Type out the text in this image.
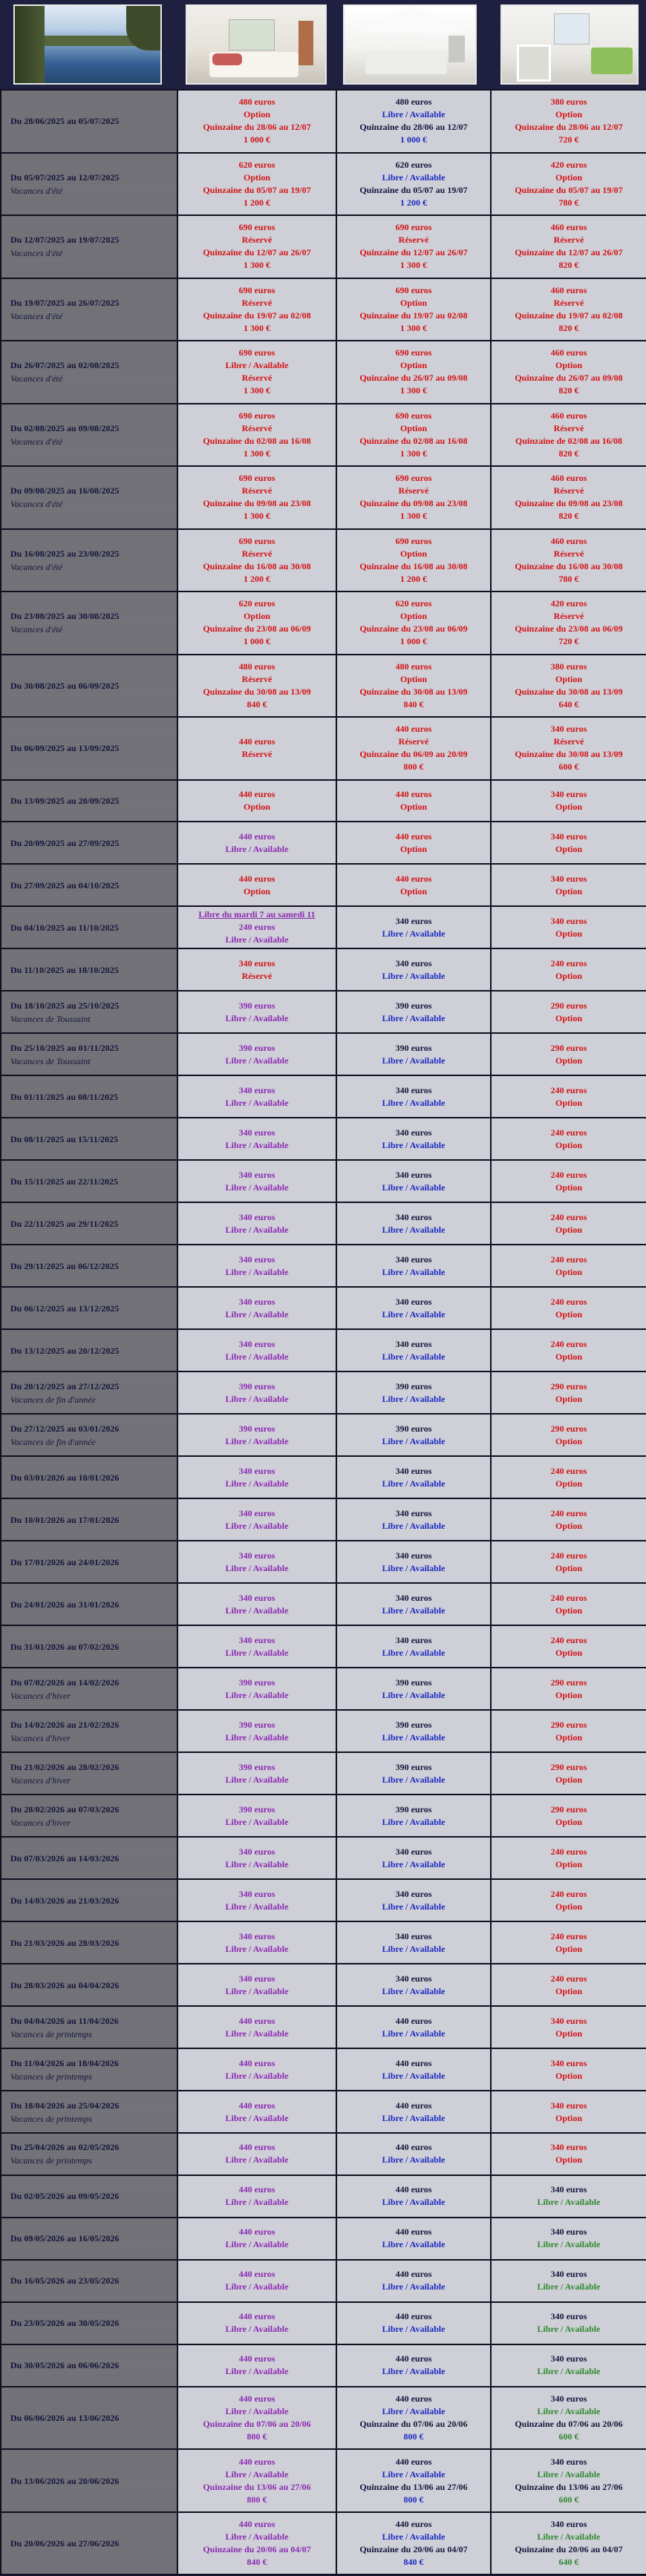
Du 28/06/2025 au 05/07/2025	480 euros
Option
Quinzaine du 28/06 au 12/07
1 000 €	480 euros
Libre / Available
Quinzaine du 28/06 au 12/07
1 000 €	380 euros
Option
Quinzaine du 28/06 au 12/07
720 €

Du 05/07/2025 au 12/07/2025
Vacances d'été	620 euros
Option
Quinzaine du 05/07 au 19/07
1 200 €	620 euros
Libre / Available
Quinzaine du 05/07 au 19/07
1 200 €	420 euros
Option
Quinzaine du 05/07 au 19/07
780 €

Du 12/07/2025 au 19/07/2025
Vacances d'été	690 euros
Réservé
Quinzaine du 12/07 au 26/07
1 300 €	690 euros
Réservé
Quinzaine du 12/07 au 26/07
1 300 €	460 euros
Réservé
Quinzaine du 12/07 au 26/07
820 €

Du 19/07/2025 au 26/07/2025
Vacances d'été	690 euros
Réservé
Quinzaine du 19/07 au 02/08
1 300 €	690 euros
Option
Quinzaine du 19/07 au 02/08
1 300 €	460 euros
Réservé
Quinzaine du 19/07 au 02/08
820 €

Du 26/07/2025 au 02/08/2025
Vacances d'été	690 euros
Libre / Available
Réservé
1 300 €	690 euros
Option
Quinzaine du 26/07 au 09/08
1 300 €	460 euros
Option
Quinzaine du 26/07 au 09/08
820 €

Du 02/08/2025 au 09/08/2025
Vacances d'été	690 euros
Réservé
Quinzaine du 02/08 au 16/08
1 300 €	690 euros
Option
Quinzaine du 02/08 au 16/08
1 300 €	460 euros
Réservé
Quinzaine de 02/08 au 16/08
820 €

Du 09/08/2025 au 16/08/2025
Vacances d'été	690 euros
Réservé
Quinzaine du 09/08 au 23/08
1 300 €	690 euros
Réservé
Quinzaine du 09/08 au 23/08
1 300 €	460 euros
Réservé
Quinzaine du 09/08 au 23/08
820 €

Du 16/08/2025 au 23/08/2025
Vacances d'été	690 euros
Réservé
Quinzaine du 16/08 au 30/08
1 200 €	690 euros
Option
Quinzaine du 16/08 au 30/08
1 200 €	460 euros
Réservé
Quinzaine du 16/08 au 30/08
780 €

Du 23/08/2025 au 30/08/2025
Vacances d'été	620 euros
Option
Quinzaine du 23/08 au 06/09
1 000 €	620 euros
Option
Quinzaine du 23/08 au 06/09
1 000 €	420 euros
Réservé
Quinzaine du 23/08 au 06/09
720 €

Du 30/08/2025 au 06/09/2025	480 euros
Réservé
Quinzaine du 30/08 au 13/09
840 €	480 euros
Option
Quinzaine du 30/08 au 13/09
840 €	380 euros
Option
Quinzaine du 30/08 au 13/09
640 €

Du 06/09/2025 au 13/09/2025	440 euros
Réservé	440 euros
Réservé
Quinzaine du 06/09 au 20/09
800 €	340 euros
Réservé
Quinzaine du 30/08 au 13/09
600 €

Du 13/09/2025 au 20/09/2025	440 euros
Option	440 euros
Option	340 euros
Option

Du 20/09/2025 au 27/09/2025	440 euros
Libre / Available	440 euros
Option	340 euros
Option

Du 27/09/2025 au 04/10/2025	440 euros
Option	440 euros
Option	340 euros
Option

Du 04/10/2025 au 11/10/2025	Libre du mardi 7 au samedi 11
240 euros
Libre / Available	340 euros
Libre / Available	340 euros
Option

Du 11/10/2025 au 18/10/2025	340 euros
Réservé	340 euros
Libre / Available	240 euros
Option

Du 18/10/2025 au 25/10/2025
Vacances de Toussaint	390 euros
Libre / Available	390 euros
Libre / Available	290 euros
Option

Du 25/10/2025 au 01/11/2025
Vacances de Toussaint	390 euros
Libre / Available	390 euros
Libre / Available	290 euros
Option

Du 01/11/2025 au 08/11/2025	340 euros
Libre / Available	340 euros
Libre / Available	240 euros
Option

Du 08/11/2025 au 15/11/2025	340 euros
Libre / Available	340 euros
Libre / Available	240 euros
Option

Du 15/11/2025 au 22/11/2025	340 euros
Libre / Available	340 euros
Libre / Available	240 euros
Option

Du 22/11/2025 au 29/11/2025	340 euros
Libre / Available	340 euros
Libre / Available	240 euros
Option

Du 29/11/2025 au 06/12/2025	340 euros
Libre / Available	340 euros
Libre / Available	240 euros
Option

Du 06/12/2025 au 13/12/2025	340 euros
Libre / Available	340 euros
Libre / Available	240 euros
Option

Du 13/12/2025 au 20/12/2025	340 euros
Libre / Available	340 euros
Libre / Available	240 euros
Option

Du 20/12/2025 au 27/12/2025
Vacances de fin d'année	390 euros
Libre / Available	390 euros
Libre / Available	290 euros
Option

Du 27/12/2025 au 03/01/2026
Vacances de fin d'année	390 euros
Libre / Available	390 euros
Libre / Available	290 euros
Option

Du 03/01/2026 au 10/01/2026	340 euros
Libre / Available	340 euros
Libre / Available	240 euros
Option

Du 10/01/2026 au 17/01/2026	340 euros
Libre / Available	340 euros
Libre / Available	240 euros
Option

Du 17/01/2026 au 24/01/2026	340 euros
Libre / Available	340 euros
Libre / Available	240 euros
Option

Du 24/01/2026 au 31/01/2026	340 euros
Libre / Available	340 euros
Libre / Available	240 euros
Option

Du 31/01/2026 au 07/02/2026	340 euros
Libre / Available	340 euros
Libre / Available	240 euros
Option

Du 07/02/2026 au 14/02/2026
Vacances d'hiver	390 euros
Libre / Available	390 euros
Libre / Available	290 euros
Option

Du 14/02/2026 au 21/02/2026
Vacances d'hiver	390 euros
Libre / Available	390 euros
Libre / Available	290 euros
Option

Du 21/02/2026 au 28/02/2026
Vacances d'hiver	390 euros
Libre / Available	390 euros
Libre / Available	290 euros
Option

Du 28/02/2026 au 07/03/2026
Vacances d'hiver	390 euros
Libre / Available	390 euros
Libre / Available	290 euros
Option

Du 07/03/2026 au 14/03/2026	340 euros
Libre / Available	340 euros
Libre / Available	240 euros
Option

Du 14/03/2026 au 21/03/2026	340 euros
Libre / Available	340 euros
Libre / Available	240 euros
Option

Du 21/03/2026 au 28/03/2026	340 euros
Libre / Available	340 euros
Libre / Available	240 euros
Option

Du 28/03/2026 au 04/04/2026	340 euros
Libre / Available	340 euros
Libre / Available	240 euros
Option

Du 04/04/2026 au 11/04/2026
Vacances de printemps	440 euros
Libre / Available	440 euros
Libre / Available	340 euros
Option

Du 11/04/2026 au 18/04/2026
Vacances de printemps	440 euros
Libre / Available	440 euros
Libre / Available	340 euros
Option

Du 18/04/2026 au 25/04/2026
Vacances de printemps	440 euros
Libre / Available	440 euros
Libre / Available	340 euros
Option

Du 25/04/2026 au 02/05/2026
Vacances de printemps	440 euros
Libre / Available	440 euros
Libre / Available	340 euros
Option

Du 02/05/2026 au 09/05/2026	440 euros
Libre / Available	440 euros
Libre / Available	340 euros
Libre / Available

Du 09/05/2026 au 16/05/2026	440 euros
Libre / Available	440 euros
Libre / Available	340 euros
Libre / Available

Du 16/05/2026 au 23/05/2026	440 euros
Libre / Available	440 euros
Libre / Available	340 euros
Libre / Available

Du 23/05/2026 au 30/05/2026	440 euros
Libre / Available	440 euros
Libre / Available	340 euros
Libre / Available

Du 30/05/2026 au 06/06/2026	440 euros
Libre / Available	440 euros
Libre / Available	340 euros
Libre / Available

Du 06/06/2026 au 13/06/2026	440 euros
Libre / Available
Quinzaine du 07/06 au 20/06
800 €	440 euros
Libre / Available
Quinzaine du 07/06 au 20/06
800 €	340 euros
Libre / Available
Quinzaine du 07/06 au 20/06
600 €

Du 13/06/2026 au 20/06/2026	440 euros
Libre / Available
Quinzaine du 13/06 au 27/06
800 €	440 euros
Libre / Available
Quinzaine du 13/06 au 27/06
800 €	340 euros
Libre / Available
Quinzaine du 13/06 au 27/06
600 €

Du 20/06/2026 au 27/06/2026	440 euros
Libre / Available
Quinzaine du 20/06 au 04/07
840 €	440 euros
Libre / Available
Quinzaine du 20/06 au 04/07
840 €	340 euros
Libre / Available
Quinzaine du 20/06 au 04/07
640 €
